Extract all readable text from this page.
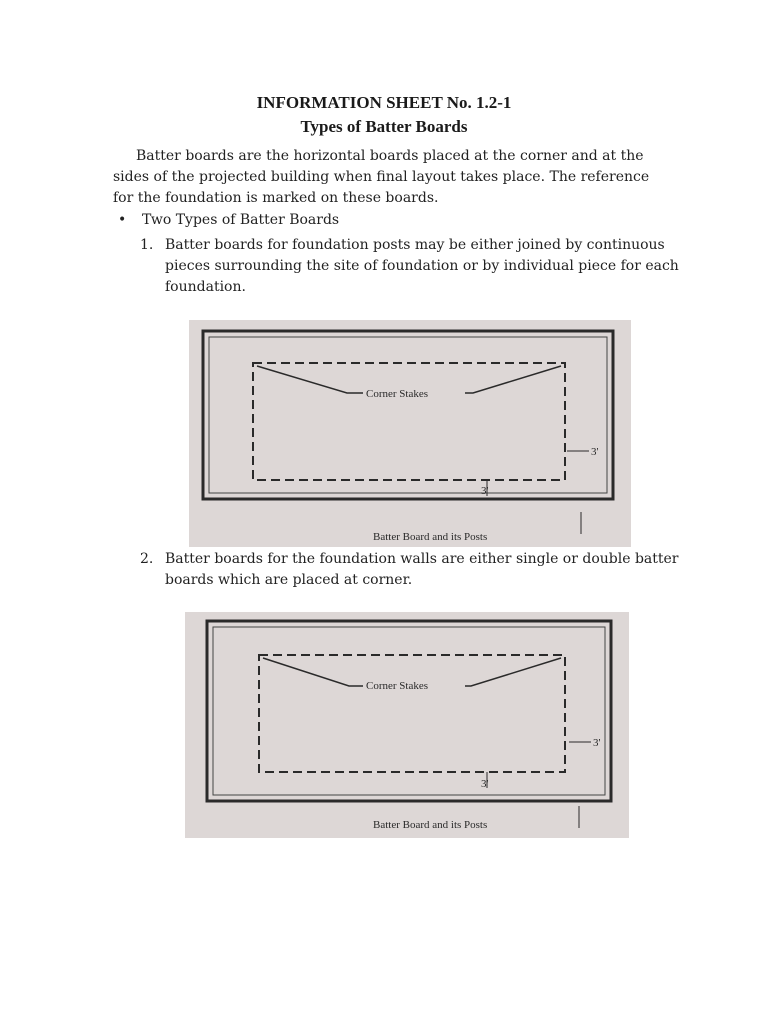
INFORMATION SHEET No. 1.2-1
Types of Batter Boards
Batter boards are the horizontal boards placed at the corner and at the sides of the projected building when final layout takes place. The reference for the foundation is marked on these boards.
• Two Types of Batter Boards
1. Batter boards for foundation posts may be either joined by continuous pieces surrounding the site of foundation or by individual piece for each foundation.
Corner Stakes
3'
3'
Batter Board and its Posts
2. Batter boards for the foundation walls are either single or double batter boards which are placed at corner.
Corner Stakes
3'
3'
Batter Board and its Posts
